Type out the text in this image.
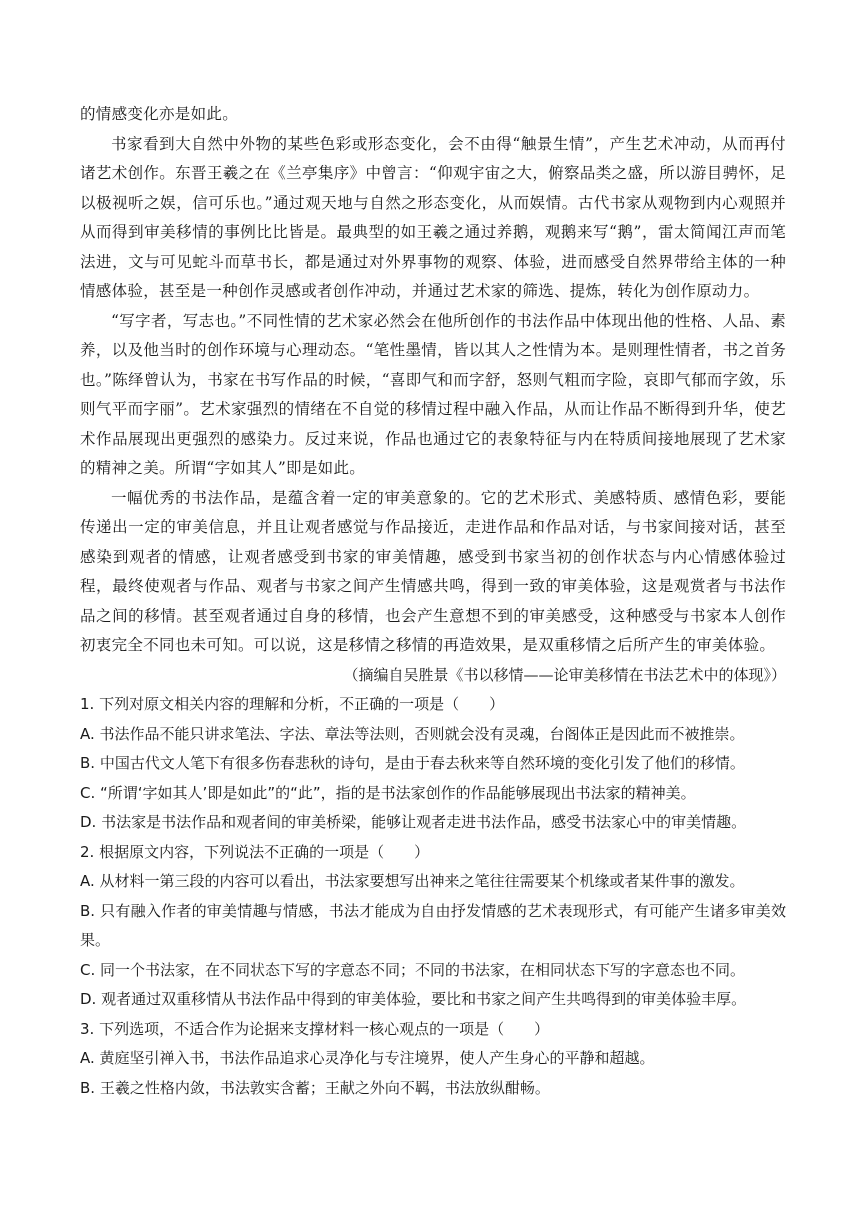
的情感变化亦是如此。

书家看到大自然中外物的某些色彩或形态变化，会不由得“触景生情”，产生艺术冲动，从而再付诸艺术创作。东晋王羲之在《兰亭集序》中曾言：“仰观宇宙之大，俯察品类之盛，所以游目骋怀，足以极视听之娱，信可乐也。”通过观天地与自然之形态变化，从而娱情。古代书家从观物到内心观照并从而得到审美移情的事例比比皆是。最典型的如王羲之通过养鹅，观鹅来写“鹅”，雷太简闻江声而笔法进，文与可见蛇斗而草书长，都是通过对外界事物的观察、体验，进而感受自然界带给主体的一种情感体验，甚至是一种创作灵感或者创作冲动，并通过艺术家的筛选、提炼，转化为创作原动力。

“写字者，写志也。”不同性情的艺术家必然会在他所创作的书法作品中体现出他的性格、人品、素养，以及他当时的创作环境与心理动态。“笔性墨情，皆以其人之性情为本。是则理性情者，书之首务也。”陈绎曾认为，书家在书写作品的时候，“喜即气和而字舒，怒则气粗而字险，哀即气郁而字敛，乐则气平而字丽”。艺术家强烈的情绪在不自觉的移情过程中融入作品，从而让作品不断得到升华，使艺术作品展现出更强烈的感染力。反过来说，作品也通过它的表象特征与内在特质间接地展现了艺术家的精神之美。所谓“字如其人”即是如此。

一幅优秀的书法作品，是蕴含着一定的审美意象的。它的艺术形式、美感特质、感情色彩，要能传递出一定的审美信息，并且让观者感觉与作品接近，走进作品和作品对话，与书家间接对话，甚至感染到观者的情感，让观者感受到书家的审美情趣，感受到书家当初的创作状态与内心情感体验过程，最终使观者与作品、观者与书家之间产生情感共鸣，得到一致的审美体验，这是观赏者与书法作品之间的移情。甚至观者通过自身的移情，也会产生意想不到的审美感受，这种感受与书家本人创作初衷完全不同也未可知。可以说，这是移情之移情的再造效果，是双重移情之后所产生的审美体验。

（摘编自吴胜景《书以移情——论审美移情在书法艺术中的体现》）

1. 下列对原文相关内容的理解和分析，不正确的一项是（　　）

A. 书法作品不能只讲求笔法、字法、章法等法则，否则就会没有灵魂，台阁体正是因此而不被推崇。

B. 中国古代文人笔下有很多伤春悲秋的诗句，是由于春去秋来等自然环境的变化引发了他们的移情。

C. “所谓‘字如其人’即是如此”的“此”，指的是书法家创作的作品能够展现出书法家的精神美。

D. 书法家是书法作品和观者间的审美桥梁，能够让观者走进书法作品，感受书法家心中的审美情趣。

2. 根据原文内容，下列说法不正确的一项是（　　）

A. 从材料一第三段的内容可以看出，书法家要想写出神来之笔往往需要某个机缘或者某件事的激发。

B. 只有融入作者的审美情趣与情感，书法才能成为自由抒发情感的艺术表现形式，有可能产生诸多审美效果。

C. 同一个书法家，在不同状态下写的字意态不同；不同的书法家，在相同状态下写的字意态也不同。

D. 观者通过双重移情从书法作品中得到的审美体验，要比和书家之间产生共鸣得到的审美体验丰厚。

3. 下列选项，不适合作为论据来支撑材料一核心观点的一项是（　　）

A. 黄庭坚引禅入书，书法作品追求心灵净化与专注境界，使人产生身心的平静和超越。

B. 王羲之性格内敛，书法敦实含蓄；王献之外向不羁，书法放纵酣畅。
